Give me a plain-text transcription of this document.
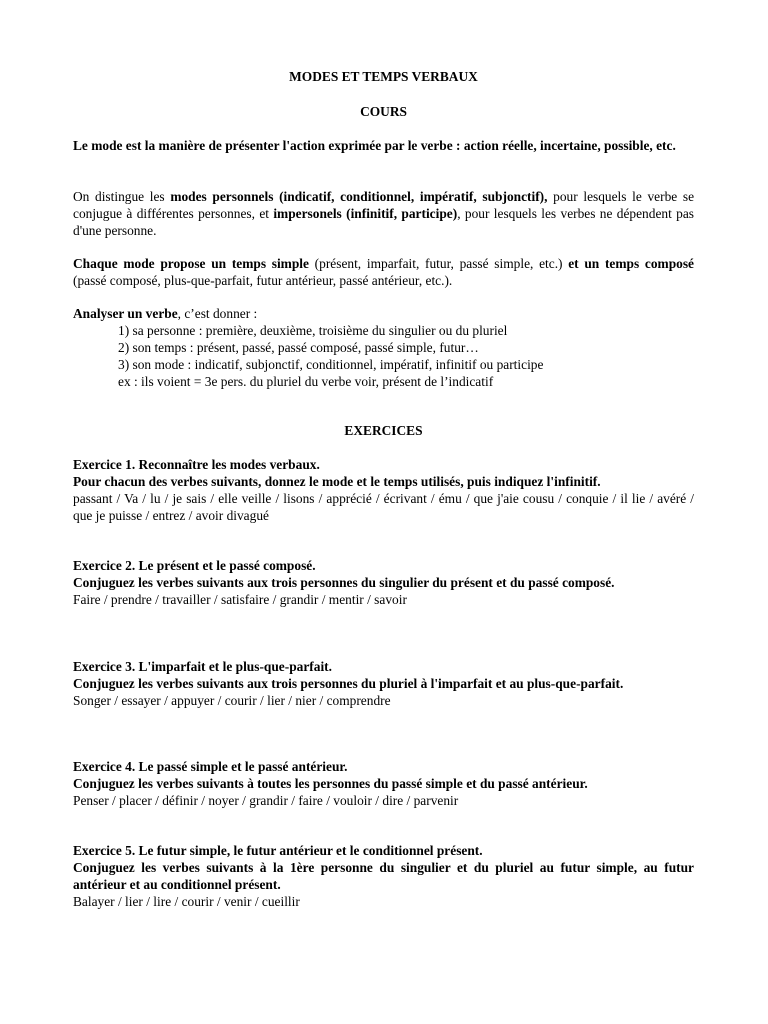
MODES ET TEMPS VERBAUX
COURS
Le mode est la manière de présenter l'action exprimée par le verbe : action réelle, incertaine, possible, etc.
On distingue les modes personnels (indicatif, conditionnel, impératif, subjonctif), pour lesquels le verbe se conjugue à différentes personnes, et impersonels (infinitif, participe), pour lesquels les verbes ne dépendent pas d'une personne.
Chaque mode propose un temps simple (présent, imparfait, futur, passé simple, etc.) et un temps composé (passé composé, plus-que-parfait, futur antérieur, passé antérieur, etc.).
Analyser un verbe, c’est donner :
1) sa personne : première, deuxième, troisième du singulier ou du pluriel
2) son temps : présent, passé, passé composé, passé simple, futur…
3) son mode : indicatif, subjonctif, conditionnel, impératif, infinitif ou participe
ex : ils voient = 3e pers. du pluriel du verbe voir, présent de l’indicatif
EXERCICES
Exercice 1. Reconnaître les modes verbaux.
Pour chacun des verbes suivants, donnez le mode et le temps utilisés, puis indiquez l'infinitif.
passant / Va / lu / je sais / elle veille / lisons / apprécié / écrivant / ému / que j'aie cousu / conquie / il lie / avéré / que je puisse / entrez / avoir divagué
Exercice 2. Le présent et le passé composé.
Conjuguez les verbes suivants aux trois personnes du singulier du présent et du passé composé.
Faire / prendre / travailler / satisfaire / grandir / mentir / savoir
Exercice 3. L'imparfait et le plus-que-parfait.
Conjuguez les verbes suivants aux trois personnes du pluriel à l'imparfait et au plus-que-parfait.
Songer / essayer / appuyer / courir / lier / nier / comprendre
Exercice 4. Le passé simple et le passé antérieur.
Conjuguez les verbes suivants à toutes les personnes du passé simple et du passé antérieur.
Penser / placer / définir / noyer / grandir / faire / vouloir / dire / parvenir
Exercice 5. Le futur simple, le futur antérieur et le conditionnel présent.
Conjuguez les verbes suivants à la 1ère personne du singulier et du pluriel au futur simple, au futur antérieur et au conditionnel présent.
Balayer / lier / lire / courir / venir / cueillir
